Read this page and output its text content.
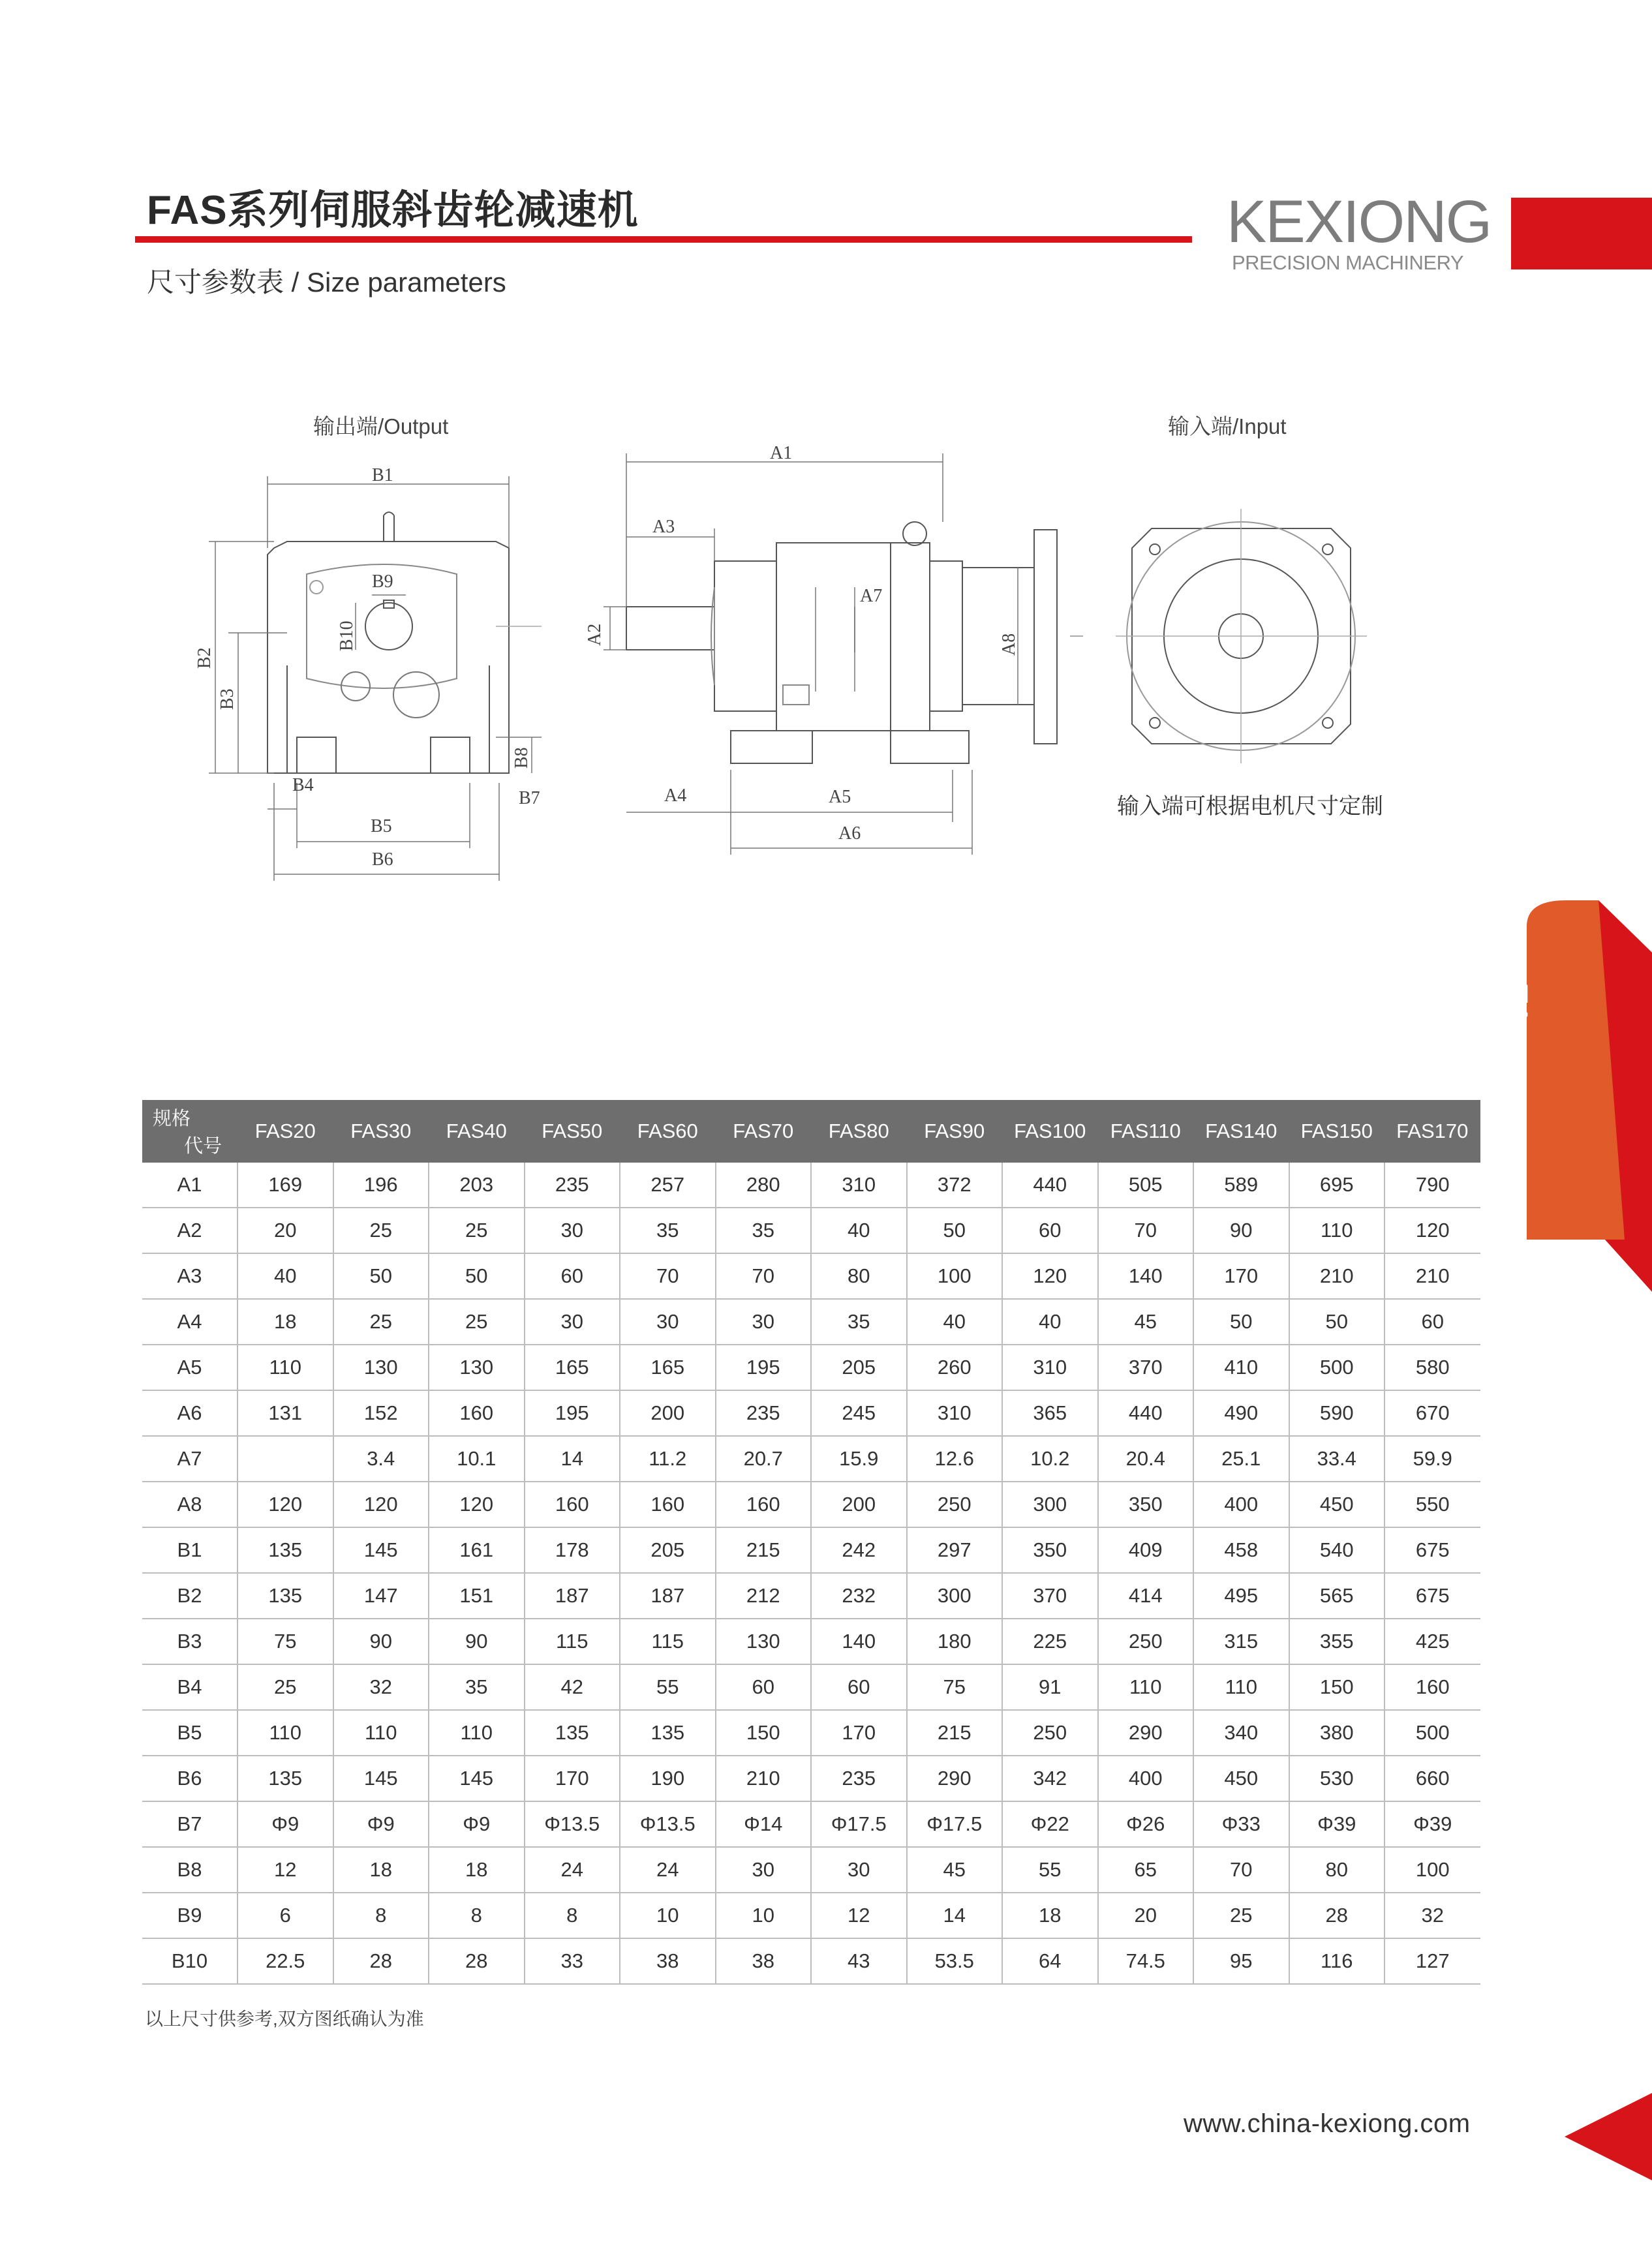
FAS系列伺服斜齿轮减速机
尺寸参数表 / Size parameters
KEXIONG
PRECISION MACHINERY
FASERIES
输出端/Output	输入端/Input
输入端可根据电机尺寸定制
B1
B9
B10
B2
B3
B8
B4
B7
B5
B6
A1
A3
A2
A7
A8
A4	A5
A6
规格
代号	FAS20	FAS30	FAS40	FAS50	FAS60	FAS70	FAS80	FAS90	FAS100	FAS110	FAS140	FAS150	FAS170
A1	169	196	203	235	257	280	310	372	440	505	589	695	790
A2	20	25	25	30	35	35	40	50	60	70	90	110	120
A3	40	50	50	60	70	70	80	100	120	140	170	210	210
A4	18	25	25	30	30	30	35	40	40	45	50	50	60
A5	110	130	130	165	165	195	205	260	310	370	410	500	580
A6	131	152	160	195	200	235	245	310	365	440	490	590	670
A7		3.4	10.1	14	11.2	20.7	15.9	12.6	10.2	20.4	25.1	33.4	59.9
A8	120	120	120	160	160	160	200	250	300	350	400	450	550
B1	135	145	161	178	205	215	242	297	350	409	458	540	675
B2	135	147	151	187	187	212	232	300	370	414	495	565	675
B3	75	90	90	115	115	130	140	180	225	250	315	355	425
B4	25	32	35	42	55	60	60	75	91	110	110	150	160
B5	110	110	110	135	135	150	170	215	250	290	340	380	500
B6	135	145	145	170	190	210	235	290	342	400	450	530	660
B7	Φ9	Φ9	Φ9	Φ13.5	Φ13.5	Φ14	Φ17.5	Φ17.5	Φ22	Φ26	Φ33	Φ39	Φ39
B8	12	18	18	24	24	30	30	45	55	65	70	80	100
B9	6	8	8	8	10	10	12	14	18	20	25	28	32
B10	22.5	28	28	33	38	38	43	53.5	64	74.5	95	116	127
以上尺寸供参考,双方图纸确认为准
www.china-kexiong.com
